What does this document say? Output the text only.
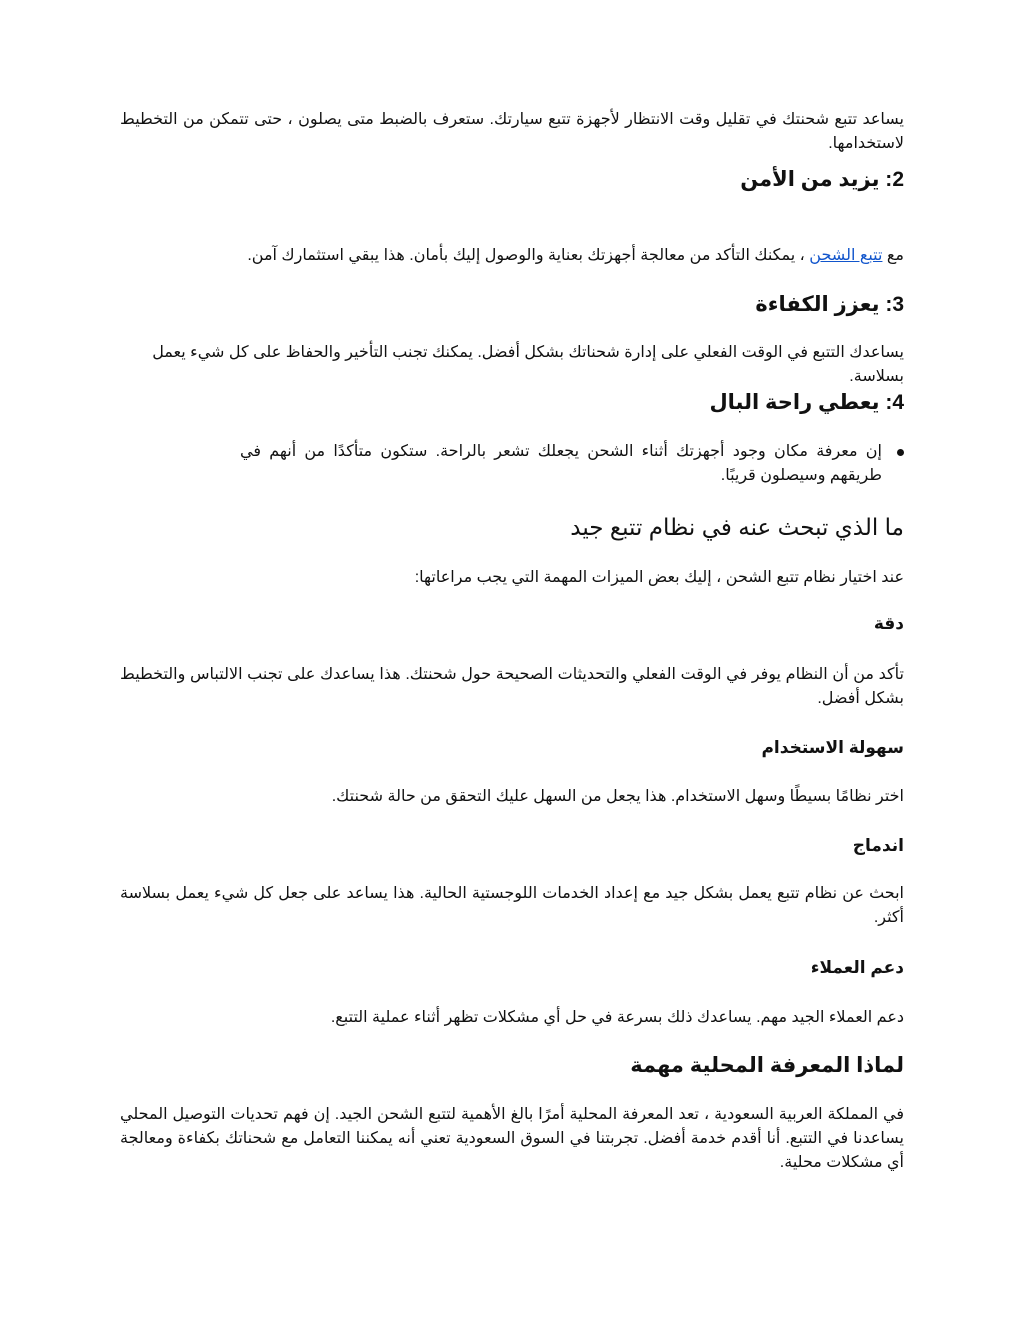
يساعد تتبع شحنتك في تقليل وقت الانتظار لأجهزة تتبع سيارتك. ستعرف بالضبط متى يصلون ، حتى تتمكن من التخطيط لاستخدامها.

2: يزيد من الأمن

مع تتبع الشحن ، يمكنك التأكد من معالجة أجهزتك بعناية والوصول إليك بأمان. هذا يبقي استثمارك آمن.

3: يعزز الكفاءة

يساعدك التتبع في الوقت الفعلي على إدارة شحناتك بشكل أفضل. يمكنك تجنب التأخير والحفاظ على كل شيء يعمل بسلاسة.

4: يعطي راحة البال

إن معرفة مكان وجود أجهزتك أثناء الشحن يجعلك تشعر بالراحة. ستكون متأكدًا من أنهم في طريقهم وسيصلون قريبًا.

ما الذي تبحث عنه في نظام تتبع جيد

عند اختيار نظام تتبع الشحن ، إليك بعض الميزات المهمة التي يجب مراعاتها:

دقة

تأكد من أن النظام يوفر في الوقت الفعلي والتحديثات الصحيحة حول شحنتك. هذا يساعدك على تجنب الالتباس والتخطيط بشكل أفضل.

سهولة الاستخدام

اختر نظامًا بسيطًا وسهل الاستخدام. هذا يجعل من السهل عليك التحقق من حالة شحنتك.

اندماج

ابحث عن نظام تتبع يعمل بشكل جيد مع إعداد الخدمات اللوجستية الحالية. هذا يساعد على جعل كل شيء يعمل بسلاسة أكثر.

دعم العملاء

دعم العملاء الجيد مهم. يساعدك ذلك بسرعة في حل أي مشكلات تظهر أثناء عملية التتبع.

لماذا المعرفة المحلية مهمة

في المملكة العربية السعودية ، تعد المعرفة المحلية أمرًا بالغ الأهمية لتتبع الشحن الجيد. إن فهم تحديات التوصيل المحلي يساعدنا في التتبع. أنا أقدم خدمة أفضل. تجربتنا في السوق السعودية تعني أنه يمكننا التعامل مع شحناتك بكفاءة ومعالجة أي مشكلات محلية.
